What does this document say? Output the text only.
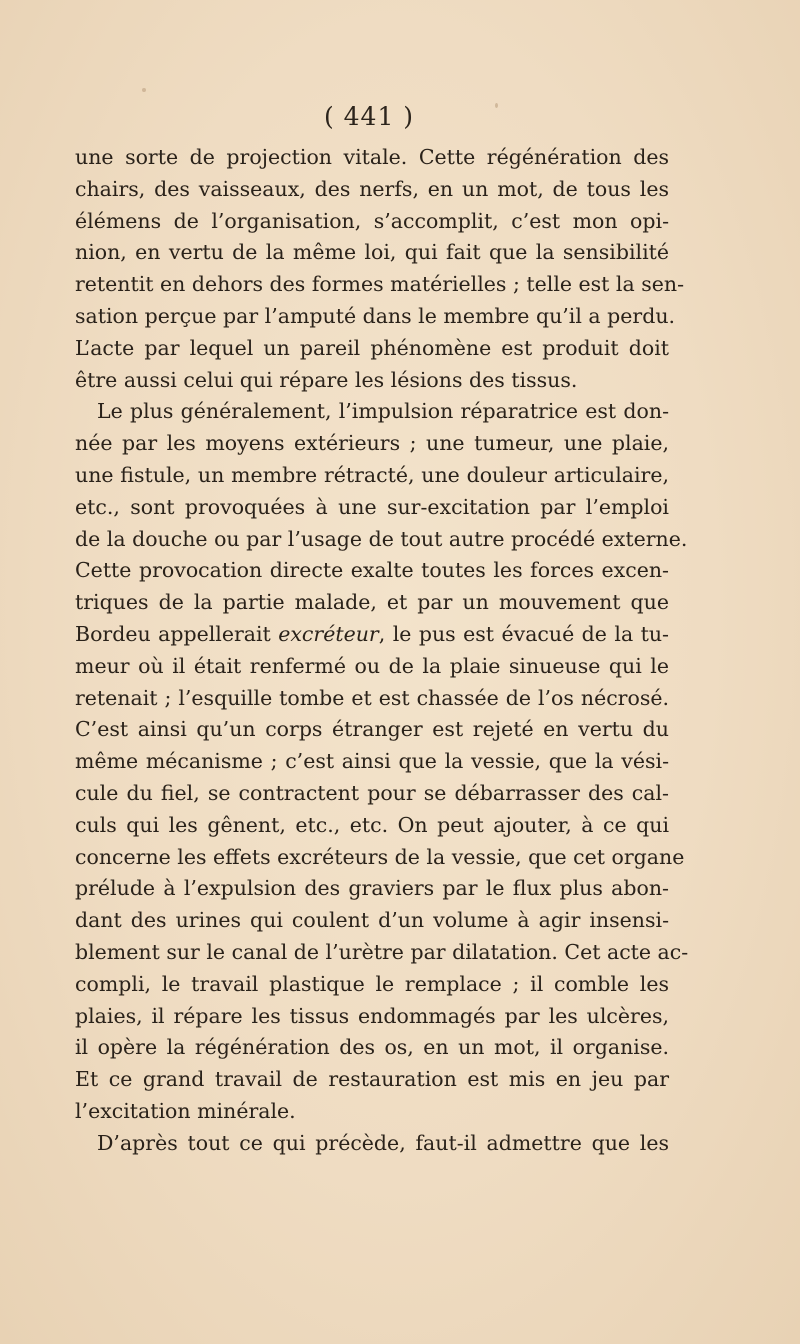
( 441 )
une sorte de projection vitale. Cette régénération des
chairs, des vaisseaux, des nerfs, en un mot, de tous les
élémens de l’organisation, s’accomplit, c’est mon opi-
nion, en vertu de la même loi, qui fait que la sensibilité
retentit en dehors des formes matérielles ; telle est la sen-
sation perçue par l’amputé dans le membre qu’il a perdu.
L’acte par lequel un pareil phénomène est produit doit
être aussi celui qui répare les lésions des tissus.
Le plus généralement, l’impulsion réparatrice est don-
née par les moyens extérieurs ; une tumeur, une plaie,
une fistule, un membre rétracté, une douleur articulaire,
etc., sont provoquées à une sur-excitation par l’emploi
de la douche ou par l’usage de tout autre procédé externe.
Cette provocation directe exalte toutes les forces excen-
triques de la partie malade, et par un mouvement que
Bordeu appellerait excréteur, le pus est évacué de la tu-
meur où il était renfermé ou de la plaie sinueuse qui le
retenait ; l’esquille tombe et est chassée de l’os nécrosé.
C’est ainsi qu’un corps étranger est rejeté en vertu du
même mécanisme ; c’est ainsi que la vessie, que la vési-
cule du fiel, se contractent pour se débarrasser des cal-
culs qui les gênent, etc., etc. On peut ajouter, à ce qui
concerne les effets excréteurs de la vessie, que cet organe
prélude à l’expulsion des graviers par le flux plus abon-
dant des urines qui coulent d’un volume à agir insensi-
blement sur le canal de l’urètre par dilatation. Cet acte ac-
compli, le travail plastique le remplace ; il comble les
plaies, il répare les tissus endommagés par les ulcères,
il opère la régénération des os, en un mot, il organise.
Et ce grand travail de restauration est mis en jeu par
l’excitation minérale.
D’après tout ce qui précède, faut-il admettre que les
